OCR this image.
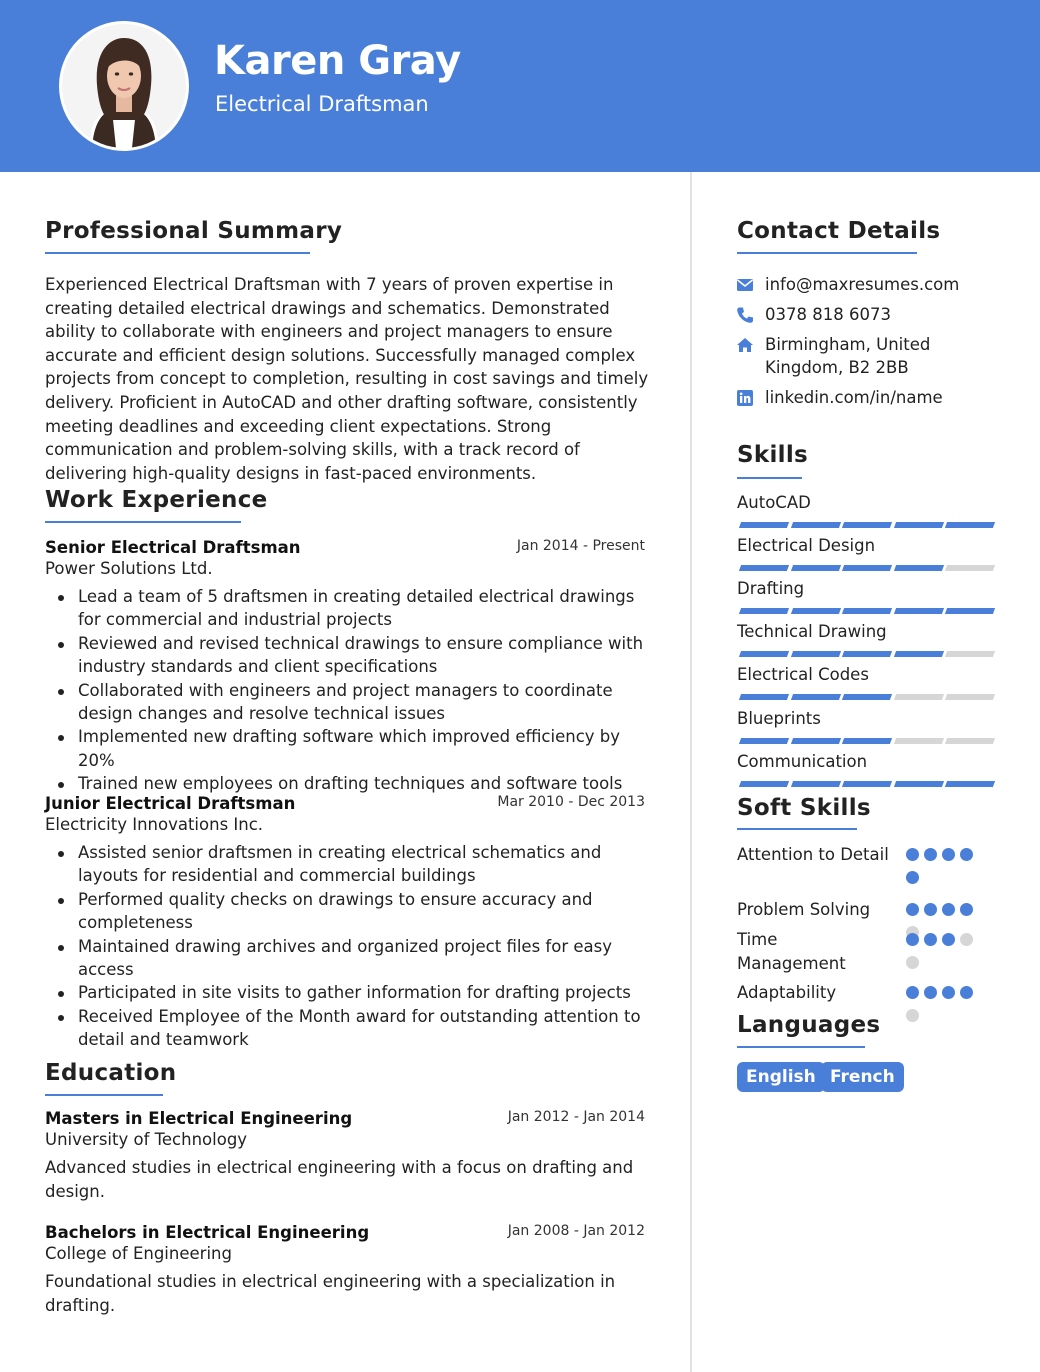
Karen Gray
Electrical Draftsman
Professional Summary
Experienced Electrical Draftsman with 7 years of proven expertise in creating detailed electrical drawings and schematics. Demonstrated ability to collaborate with engineers and project managers to ensure accurate and efficient design solutions. Successfully managed complex projects from concept to completion, resulting in cost savings and timely delivery. Proficient in AutoCAD and other drafting software, consistently meeting deadlines and exceeding client expectations. Strong communication and problem-solving skills, with a track record of delivering high-quality designs in fast-paced environments.
Work Experience
Senior Electrical Draftsman	Jan 2014 - Present
Power Solutions Ltd.
Lead a team of 5 draftsmen in creating detailed electrical drawings for commercial and industrial projects
Reviewed and revised technical drawings to ensure compliance with industry standards and client specifications
Collaborated with engineers and project managers to coordinate design changes and resolve technical issues
Implemented new drafting software which improved efficiency by 20%
Trained new employees on drafting techniques and software tools
Junior Electrical Draftsman	Mar 2010 - Dec 2013
Electricity Innovations Inc.
Assisted senior draftsmen in creating electrical schematics and layouts for residential and commercial buildings
Performed quality checks on drawings to ensure accuracy and completeness
Maintained drawing archives and organized project files for easy access
Participated in site visits to gather information for drafting projects
Received Employee of the Month award for outstanding attention to detail and teamwork
Education
Masters in Electrical Engineering	Jan 2012 - Jan 2014
University of Technology
Advanced studies in electrical engineering with a focus on drafting and design.
Bachelors in Electrical Engineering	Jan 2008 - Jan 2012
College of Engineering
Foundational studies in electrical engineering with a specialization in drafting.
Contact Details
info@maxresumes.com
0378 818 6073
Birmingham, United
Kingdom, B2 2BB
linkedin.com/in/name
Skills
AutoCAD
Electrical Design
Drafting
Technical Drawing
Electrical Codes
Blueprints
Communication
Soft Skills
Attention to Detail
Problem Solving
Time Management
Adaptability
Languages
English French
